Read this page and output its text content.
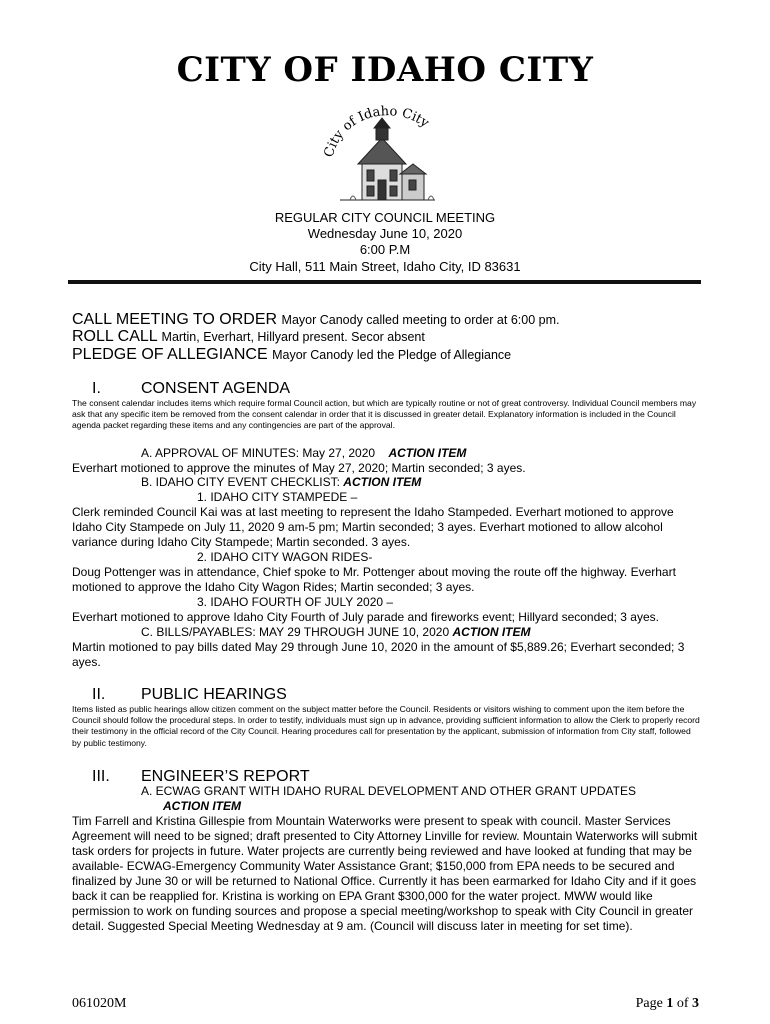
CITY OF IDAHO CITY
City of Idaho City
REGULAR CITY COUNCIL MEETING
Wednesday June 10, 2020
6:00 P.M
City Hall, 511 Main Street, Idaho City, ID 83631
CALL MEETING TO ORDER Mayor Canody called meeting to order at 6:00 pm.
ROLL CALL Martin, Everhart, Hillyard present. Secor absent
PLEDGE OF ALLEGIANCE Mayor Canody led the Pledge of Allegiance
I.	CONSENT AGENDA
The consent calendar includes items which require formal Council action, but which are typically routine or not of great controversy. Individual Council members may ask that any specific item be removed from the consent calendar in order that it is discussed in greater detail. Explanatory information is included in the Council agenda packet regarding these items and any contingencies are part of the approval.
A. APPROVAL OF MINUTES: May 27, 2020 ACTION ITEM
Everhart motioned to approve the minutes of May 27, 2020; Martin seconded; 3 ayes.
B. IDAHO CITY EVENT CHECKLIST: ACTION ITEM
1. IDAHO CITY STAMPEDE –
Clerk reminded Council Kai was at last meeting to represent the Idaho Stampeded. Everhart motioned to approve Idaho City Stampede on July 11, 2020 9 am-5 pm; Martin seconded; 3 ayes. Everhart motioned to allow alcohol variance during Idaho City Stampede; Martin seconded. 3 ayes.
2. IDAHO CITY WAGON RIDES-
Doug Pottenger was in attendance, Chief spoke to Mr. Pottenger about moving the route off the highway. Everhart motioned to approve the Idaho City Wagon Rides; Martin seconded; 3 ayes.
3. IDAHO FOURTH OF JULY 2020 –
Everhart motioned to approve Idaho City Fourth of July parade and fireworks event; Hillyard seconded; 3 ayes.
C. BILLS/PAYABLES: MAY 29 THROUGH JUNE 10, 2020 ACTION ITEM
Martin motioned to pay bills dated May 29 through June 10, 2020 in the amount of $5,889.26; Everhart seconded; 3 ayes.
II. PUBLIC HEARINGS
Items listed as public hearings allow citizen comment on the subject matter before the Council. Residents or visitors wishing to comment upon the item before the Council should follow the procedural steps. In order to testify, individuals must sign up in advance, providing sufficient information to allow the Clerk to properly record their testimony in the official record of the City Council. Hearing procedures call for presentation by the applicant, submission of information from City staff, followed by public testimony.
III. ENGINEER’S REPORT
A. ECWAG GRANT WITH IDAHO RURAL DEVELOPMENT AND OTHER GRANT UPDATES
ACTION ITEM
Tim Farrell and Kristina Gillespie from Mountain Waterworks were present to speak with council. Master Services Agreement will need to be signed; draft presented to City Attorney Linville for review. Mountain Waterworks will submit task orders for projects in future. Water projects are currently being reviewed and have looked at funding that may be available- ECWAG-Emergency Community Water Assistance Grant; $150,000 from EPA needs to be secured and finalized by June 30 or will be returned to National Office. Currently it has been earmarked for Idaho City and if it goes back it can be reapplied for. Kristina is working on EPA Grant $300,000 for the water project. MWW would like permission to work on funding sources and propose a special meeting/workshop to speak with City Council in greater detail. Suggested Special Meeting Wednesday at 9 am. (Council will discuss later in meeting for set time).
061020M	Page 1 of 3
